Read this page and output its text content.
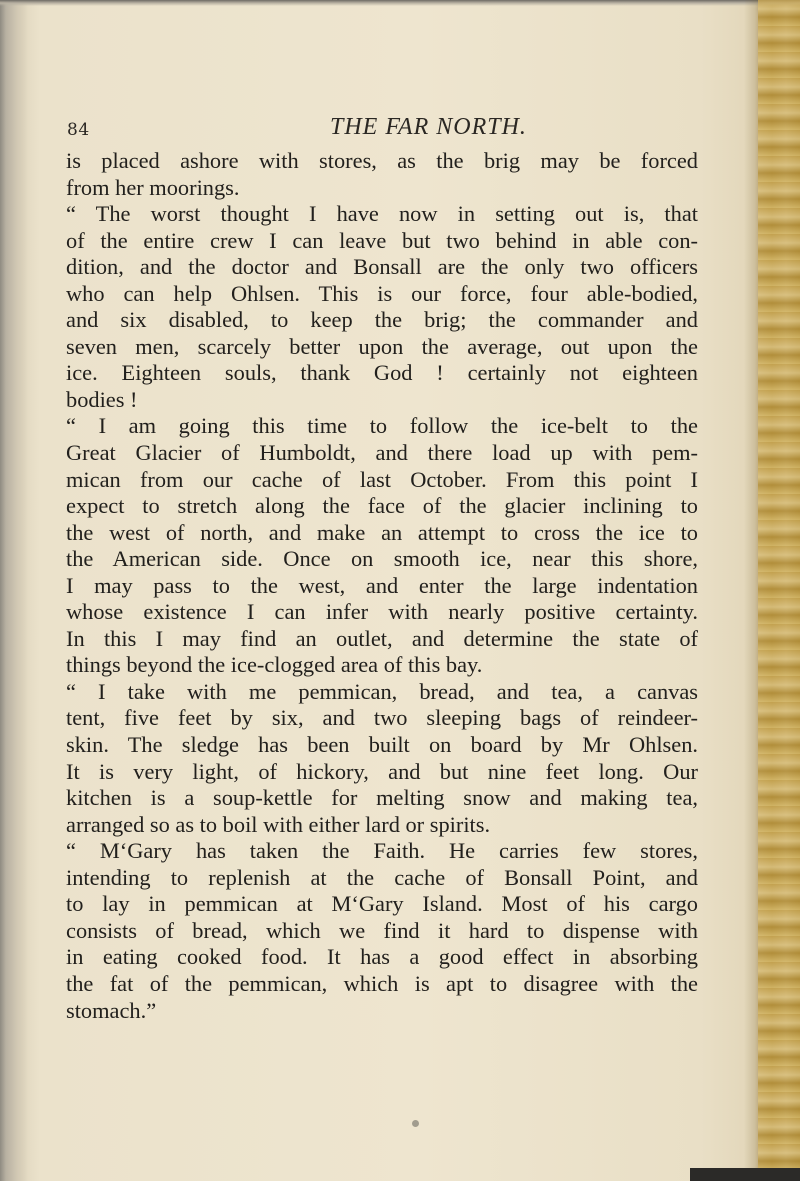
84	THE FAR NORTH.
is placed ashore with stores, as the brig may be forced
from her moorings.
“ The worst thought I have now in setting out is, that
of the entire crew I can leave but two behind in able con-
dition, and the doctor and Bonsall are the only two officers
who can help Ohlsen. This is our force, four able-bodied,
and six disabled, to keep the brig; the commander and
seven men, scarcely better upon the average, out upon the
ice. Eighteen souls, thank God ! certainly not eighteen
bodies !
“ I am going this time to follow the ice-belt to the
Great Glacier of Humboldt, and there load up with pem-
mican from our cache of last October. From this point I
expect to stretch along the face of the glacier inclining to
the west of north, and make an attempt to cross the ice to
the American side. Once on smooth ice, near this shore,
I may pass to the west, and enter the large indentation
whose existence I can infer with nearly positive certainty.
In this I may find an outlet, and determine the state of
things beyond the ice-clogged area of this bay.
“ I take with me pemmican, bread, and tea, a canvas
tent, five feet by six, and two sleeping bags of reindeer-
skin. The sledge has been built on board by Mr Ohlsen.
It is very light, of hickory, and but nine feet long. Our
kitchen is a soup-kettle for melting snow and making tea,
arranged so as to boil with either lard or spirits.
“ M‘Gary has taken the Faith. He carries few stores,
intending to replenish at the cache of Bonsall Point, and
to lay in pemmican at M‘Gary Island. Most of his cargo
consists of bread, which we find it hard to dispense with
in eating cooked food. It has a good effect in absorbing
the fat of the pemmican, which is apt to disagree with the
stomach.”
